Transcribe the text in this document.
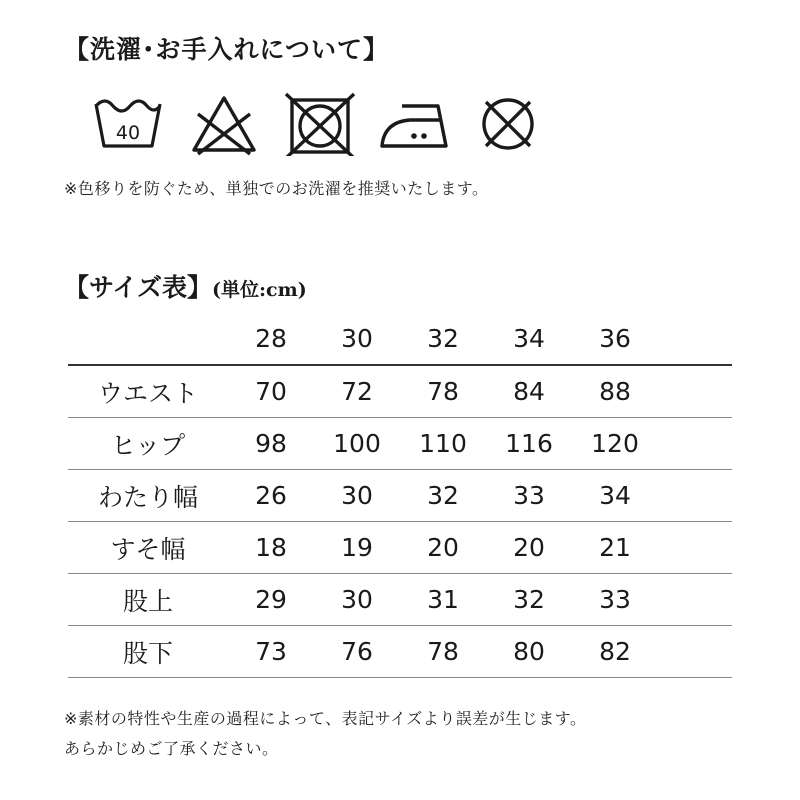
【洗濯･お手入れについて】
40
※色移りを防ぐため、単独でのお洗濯を推奨いたします。
【サイズ表】(単位:cm)
	28	30	32	34	36	
ウエスト	70	72	78	84	88	
ヒップ	98	100	110	116	120	
わたり幅	26	30	32	33	34	
すそ幅	18	19	20	20	21	
股上	29	30	31	32	33	
股下	73	76	78	80	82	
※素材の特性や生産の過程によって、表記サイズより誤差が生じます。
あらかじめご了承ください。
